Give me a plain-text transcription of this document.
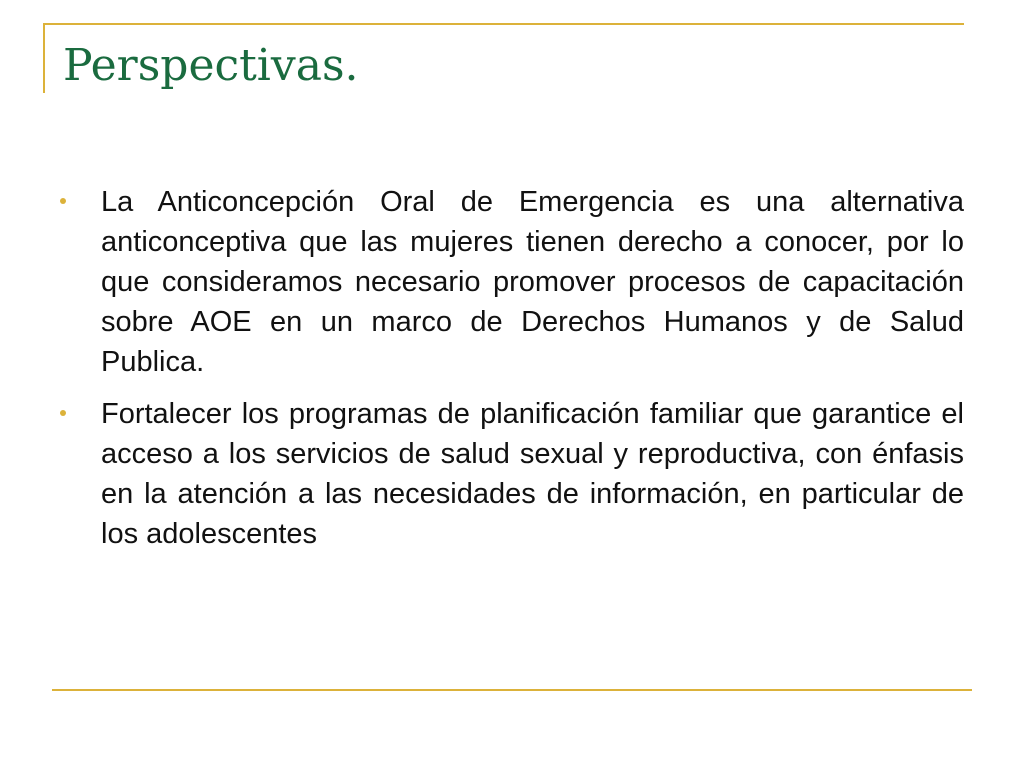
Perspectivas.
La Anticoncepción Oral de Emergencia es una alternativa anticonceptiva que las mujeres tienen derecho a conocer, por lo que consideramos necesario promover procesos de capacitación sobre AOE en un marco de Derechos Humanos y de Salud Publica.
Fortalecer los programas de planificación familiar que garantice el acceso a los servicios de salud sexual y reproductiva, con énfasis en la atención a las necesidades de información, en particular de los adolescentes
